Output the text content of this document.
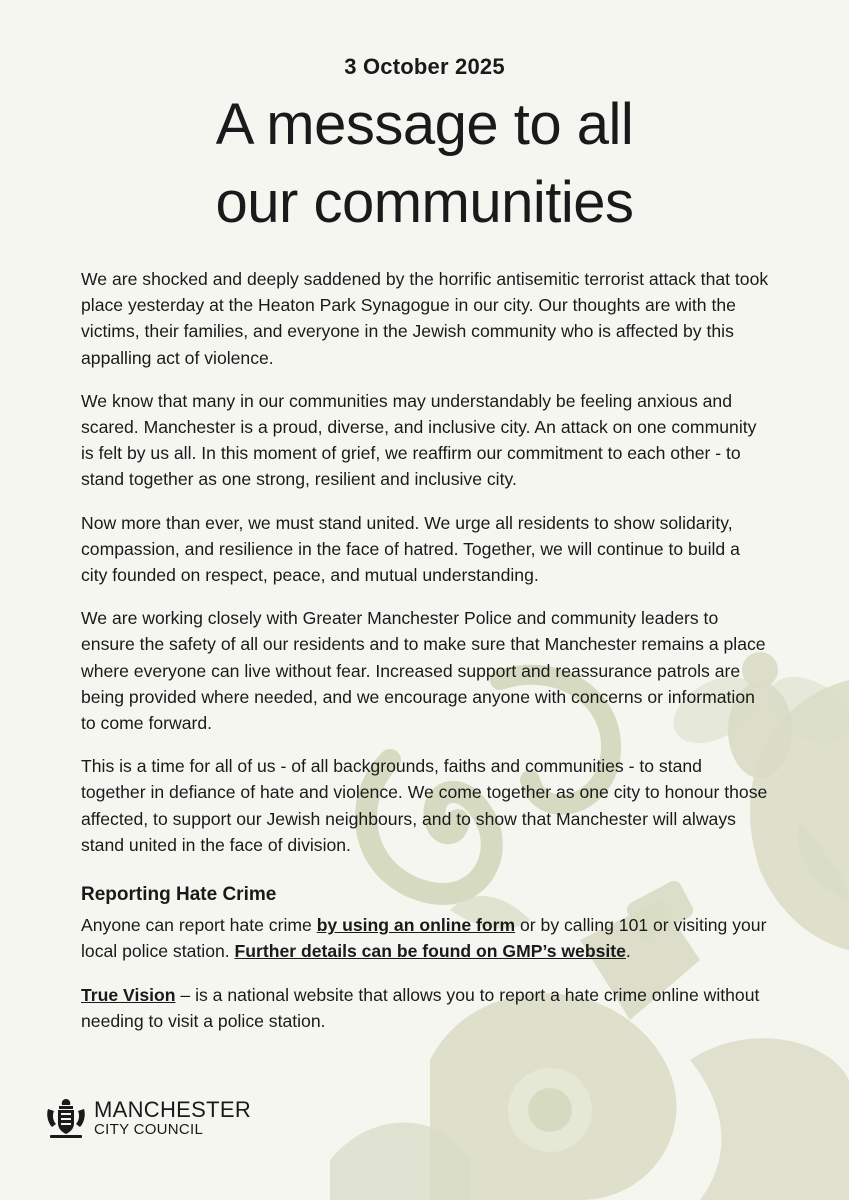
3 October 2025
A message to all
our communities

We are shocked and deeply saddened by the horrific antisemitic terrorist attack that took place yesterday at the Heaton Park Synagogue in our city. Our thoughts are with the victims, their families, and everyone in the Jewish community who is affected by this appalling act of violence.

We know that many in our communities may understandably be feeling anxious and scared. Manchester is a proud, diverse, and inclusive city. An attack on one community is felt by us all. In this moment of grief, we reaffirm our commitment to each other - to stand together as one strong, resilient and inclusive city.

Now more than ever, we must stand united. We urge all residents to show solidarity, compassion, and resilience in the face of hatred. Together, we will continue to build a city founded on respect, peace, and mutual understanding.

We are working closely with Greater Manchester Police and community leaders to ensure the safety of all our residents and to make sure that Manchester remains a place where everyone can live without fear. Increased support and reassurance patrols are being provided where needed, and we encourage anyone with concerns or information to come forward.

This is a time for all of us - of all backgrounds, faiths and communities - to stand together in defiance of hate and violence. We come together as one city to honour those affected, to support our Jewish neighbours, and to show that Manchester will always stand united in the face of division.

Reporting Hate Crime

Anyone can report hate crime by using an online form or by calling 101 or visiting your local police station. Further details can be found on GMP’s website.

True Vision – is a national website that allows you to report a hate crime online without needing to visit a police station.

MANCHESTER
CITY COUNCIL
